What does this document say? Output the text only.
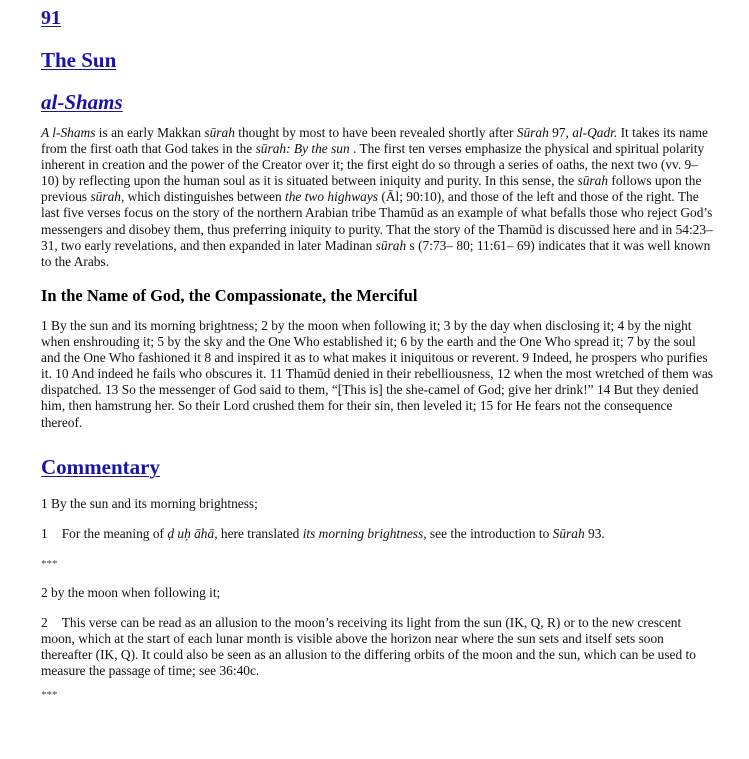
91
The Sun
al-Shams

A l-Shams is an early Makkan sūrah thought by most to have been revealed shortly after Sūrah 97, al-Qadr. It takes its name from the first oath that God takes in the sūrah: By the sun . The first ten verses emphasize the physical and spiritual polarity inherent in creation and the power of the Creator over it; the first eight do so through a series of oaths, the next two (vv. 9– 10) by reflecting upon the human soul as it is situated between iniquity and purity. In this sense, the sūrah follows upon the previous sūrah, which distinguishes between the two highways (Āl; 90:10), and those of the left and those of the right. The last five verses focus on the story of the northern Arabian tribe Thamūd as an example of what befalls those who reject God’s messengers and disobey them, thus preferring iniquity to purity. That the story of the Thamūd is discussed here and in 54:23– 31, two early revelations, and then expanded in later Madinan sūrah s (7:73– 80; 11:61– 69) indicates that it was well known to the Arabs.

In the Name of God, the Compassionate, the Merciful

1 By the sun and its morning brightness; 2 by the moon when following it; 3 by the day when disclosing it; 4 by the night when enshrouding it; 5 by the sky and the One Who established it; 6 by the earth and the One Who spread it; 7 by the soul and the One Who fashioned it 8 and inspired it as to what makes it iniquitous or reverent. 9 Indeed, he prospers who purifies it. 10 And indeed he fails who obscures it. 11 Thamūd denied in their rebelliousness, 12 when the most wretched of them was dispatched. 13 So the messenger of God said to them, “[This is] the she-camel of God; give her drink!” 14 But they denied him, then hamstrung her. So their Lord crushed them for their sin, then leveled it; 15 for He fears not the consequence thereof.

Commentary
1 By the sun and its morning brightness;
1 For the meaning of ḍ uḥ āhā, here translated its morning brightness, see the introduction to Sūrah 93.
***
2 by the moon when following it;
2 This verse can be read as an allusion to the moon’s receiving its light from the sun (IK, Q, R) or to the new crescent moon, which at the start of each lunar month is visible above the horizon near where the sun sets and itself sets soon thereafter (IK, Q). It could also be seen as an allusion to the differing orbits of the moon and the sun, which can be used to measure the passage of time; see 36:40c.
***
